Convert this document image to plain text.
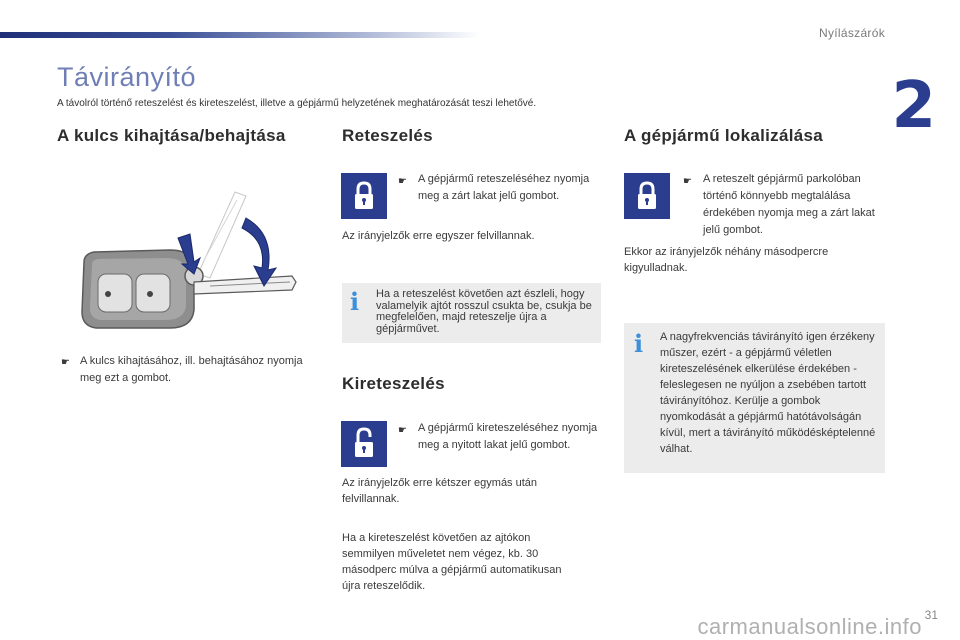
Nyílászárók
2
Távirányító
A távolról történő reteszelést és kireteszelést, illetve a gépjármű helyzetének meghatározását teszi lehetővé.
A kulcs kihajtása/behajtása
☛ A kulcs kihajtásához, ill. behajtásához nyomja meg ezt a gombot.
Reteszelés
☛ A gépjármű reteszeléséhez nyomja meg a zárt lakat jelű gombot.
Az irányjelzők erre egyszer felvillannak.
i Ha a reteszelést követően azt észleli, hogy valamelyik ajtót rosszul csukta be, csukja be megfelelően, majd reteszelje újra a gépjárművet.
Kireteszelés
☛ A gépjármű kireteszeléséhez nyomja meg a nyitott lakat jelű gombot.
Az irányjelzők erre kétszer egymás után felvillannak.
Ha a kireteszelést követően az ajtókon semmilyen műveletet nem végez, kb. 30 másodperc múlva a gépjármű automatikusan újra reteszelődik.
A gépjármű lokalizálása
☛ A reteszelt gépjármű parkolóban történő könnyebb megtalálása érdekében nyomja meg a zárt lakat jelű gombot.
Ekkor az irányjelzők néhány másodpercre kigyulladnak.
i A nagyfrekvenciás távirányító igen érzékeny műszer, ezért - a gépjármű véletlen kireteszelésének elkerülése érdekében - feleslegesen ne nyúljon a zsebében tartott távirányítóhoz. Kerülje a gombok nyomkodását a gépjármű hatótávolságán kívül, mert a távirányító működésképtelenné válhat.
31
carmanualsonline.info
